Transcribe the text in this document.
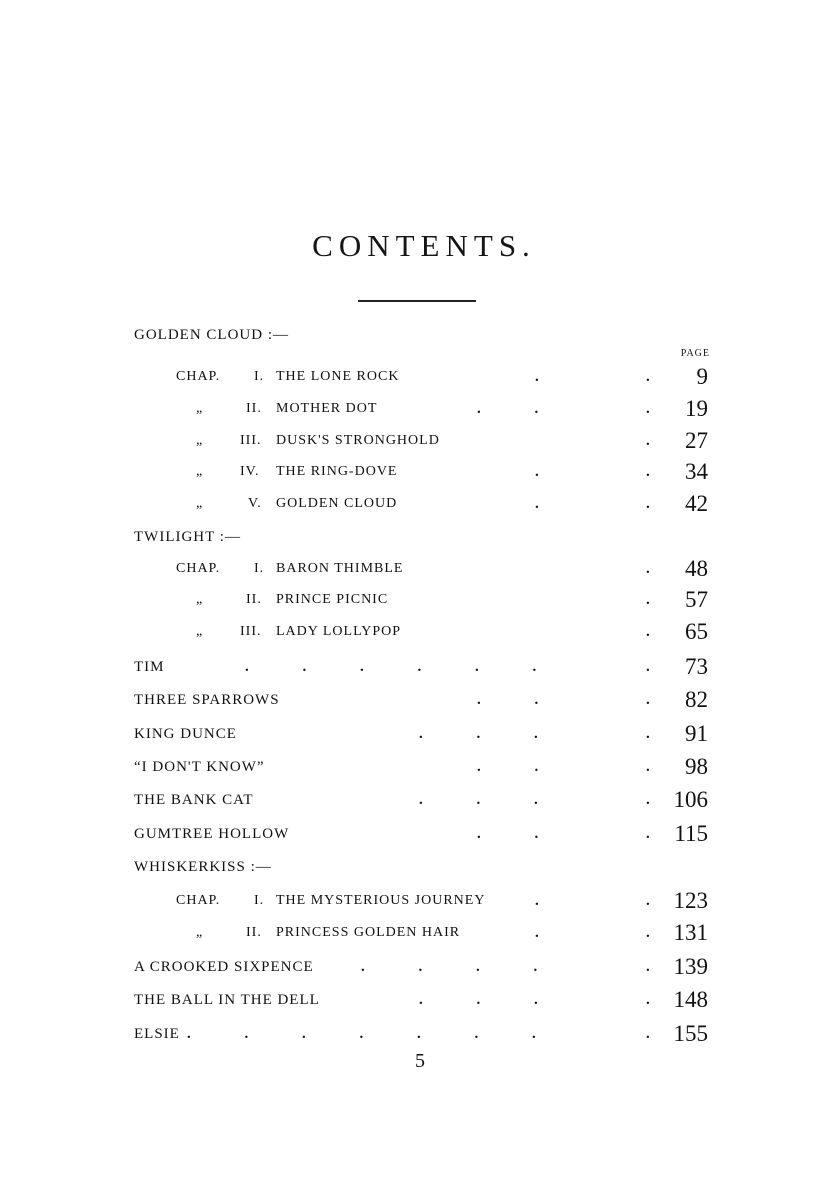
CONTENTS.
PAGE
GOLDEN CLOUD :—
CHAP. I. THE LONE ROCK	.	.	9
„	II. MOTHER DOT	. .	.	19
„	III. DUSK'S STRONGHOLD	.	27
„	IV. THE RING-DOVE	.	.	34
„	V. GOLDEN CLOUD	.	.	42
TWILIGHT :—
CHAP. I. BARON THIMBLE	.	48
„	II. PRINCE PICNIC	.	57
„	III. LADY LOLLYPOP	.	65
TIM	. . . . . .	.	73
THREE SPARROWS	. .	.	82
KING DUNCE	. . .	.	91
“I DON'T KNOW”	. .	.	98
THE BANK CAT	. . .	. 106
GUMTREE HOLLOW	. .	.	115
WHISKERKISS :—
CHAP. I. THE MYSTERIOUS JOURNEY	.	. 123
„	II. PRINCESS GOLDEN HAIR	.	. 131
A CROOKED SIXPENCE	. . . .	. 139
THE BALL IN THE DELL	. . .	. 148
ELSIE . . . . . . .	. 155
5
